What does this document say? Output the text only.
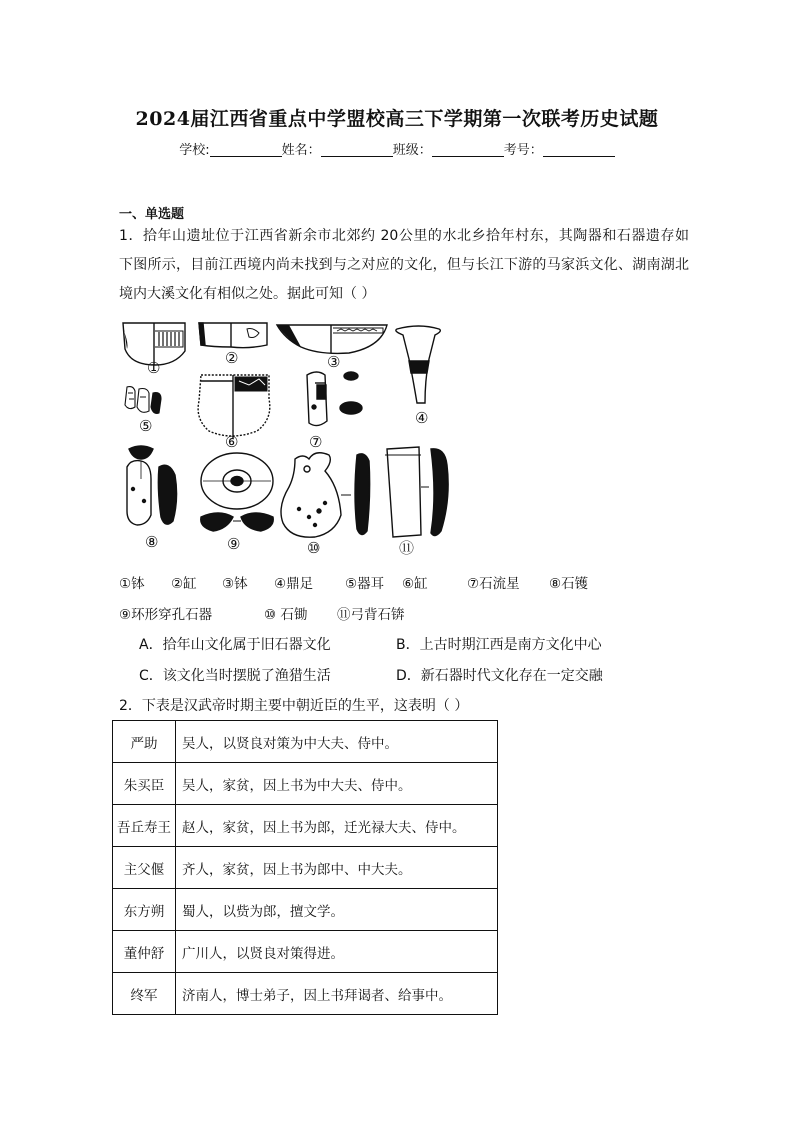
2024届江西省重点中学盟校高三下学期第一次联考历史试题
学校:	姓名：	班级：	考号：
一、单选题
1．拾年山遗址位于江西省新余市北郊约 20公里的水北乡拾年村东，其陶器和石器遗存如
下图所示，目前江西境内尚未找到与之对应的文化，但与长江下游的马家浜文化、湖南湖北
境内大溪文化有相似之处。据此可知（ ）
①
②	③
④
⑤
⑥	⑦
⑧	⑨	⑩	⑪
①钵 ②缸 ③钵 ④鼎足 ⑤器耳 ⑥缸	⑦石流星 ⑧石镬
⑨环形穿孔石器	⑩ 石锄 ⑪弓背石锛
A．拾年山文化属于旧石器文化	B．上古时期江西是南方文化中心
C．该文化当时摆脱了渔猎生活	D．新石器时代文化存在一定交融
2．下表是汉武帝时期主要中朝近臣的生平，这表明（ ）
严助	吴人，以贤良对策为中大夫、侍中。
朱买臣	吴人，家贫，因上书为中大夫、侍中。
吾丘寿王	赵人，家贫，因上书为郎，迁光禄大夫、侍中。
主父偃	齐人，家贫，因上书为郎中、中大夫。
东方朔	蜀人，以赀为郎，擅文学。
董仲舒	广川人，以贤良对策得进。
终军	济南人，博士弟子，因上书拜谒者、给事中。
